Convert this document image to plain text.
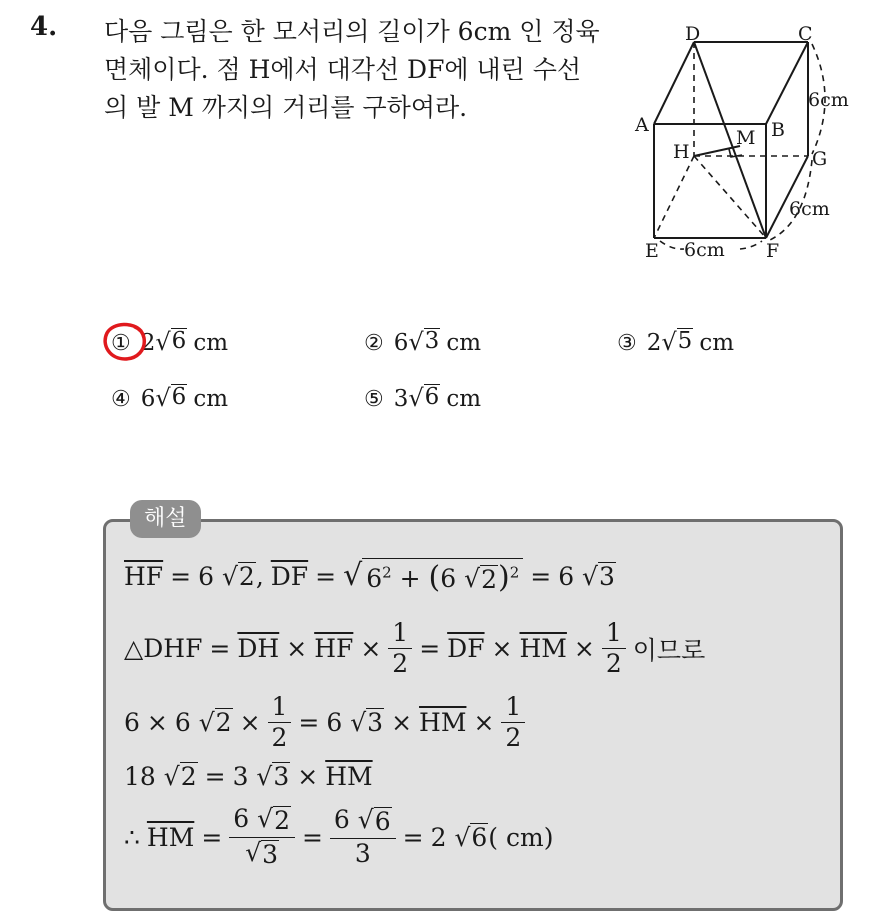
4. 다음 그림은 한 모서리의 길이가 6cm 인 정육
면체이다. 점 H에서 대각선 DF에 내린 수선
의 발 M 까지의 거리를 구하여라.
D	C
A	B
M
H	G
E	F
6cm
6cm
6cm
① 2 √ 6 cm	② 6 √ 3 cm	③ 2 √ 5 cm
④ 6 √ 6 cm	⑤ 3 √ 6 cm
해설
$\overline{HF} = 6$ √ 2 , $\overline{DF}$ = √ $6^2 + (6$ √ 2 )$^2$ = 6 √ 3
△DHF = $\overline{DH} \times \overline{HF} \times \frac{1}{2} = \overline{DF} \times \overline{HM} \times \frac{1}{2}$ 이므로
6 × 6 √ $2 \times \frac{1}{2} = 6$ √ $3 \times \overline{HM} \times \frac{1}{2}$
18 √ 2 = 3 √ $3 \times \overline{HM}$
∴ $\overline{HM} = \frac{6 √ 2}{√ 3} = \frac{6 √ 6}{3} = 2$ √ 6 ( cm)
